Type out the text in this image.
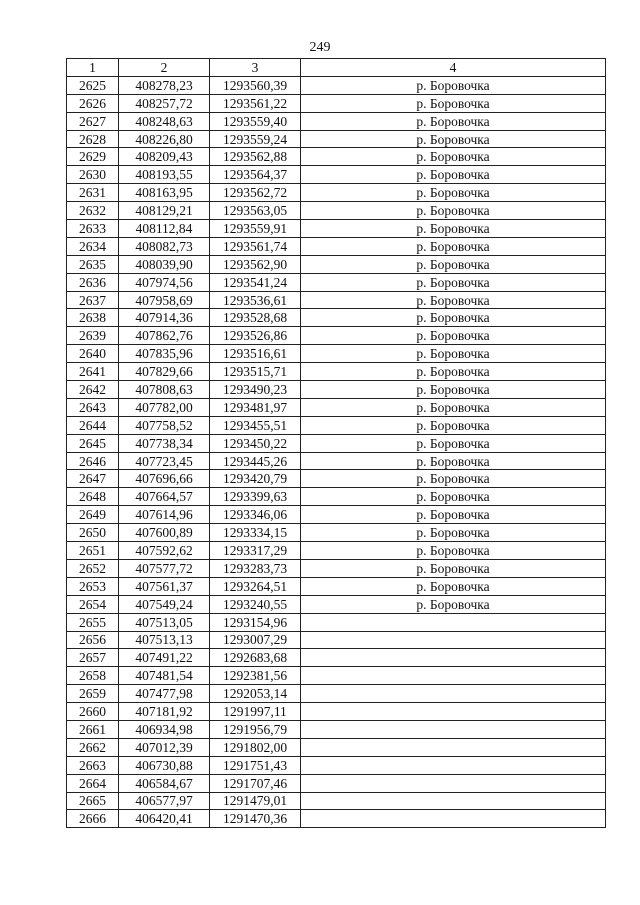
249
1	2	3	4
2625	408278,23	1293560,39	р. Боровочка
2626	408257,72	1293561,22	р. Боровочка
2627	408248,63	1293559,40	р. Боровочка
2628	408226,80	1293559,24	р. Боровочка
2629	408209,43	1293562,88	р. Боровочка
2630	408193,55	1293564,37	р. Боровочка
2631	408163,95	1293562,72	р. Боровочка
2632	408129,21	1293563,05	р. Боровочка
2633	408112,84	1293559,91	р. Боровочка
2634	408082,73	1293561,74	р. Боровочка
2635	408039,90	1293562,90	р. Боровочка
2636	407974,56	1293541,24	р. Боровочка
2637	407958,69	1293536,61	р. Боровочка
2638	407914,36	1293528,68	р. Боровочка
2639	407862,76	1293526,86	р. Боровочка
2640	407835,96	1293516,61	р. Боровочка
2641	407829,66	1293515,71	р. Боровочка
2642	407808,63	1293490,23	р. Боровочка
2643	407782,00	1293481,97	р. Боровочка
2644	407758,52	1293455,51	р. Боровочка
2645	407738,34	1293450,22	р. Боровочка
2646	407723,45	1293445,26	р. Боровочка
2647	407696,66	1293420,79	р. Боровочка
2648	407664,57	1293399,63	р. Боровочка
2649	407614,96	1293346,06	р. Боровочка
2650	407600,89	1293334,15	р. Боровочка
2651	407592,62	1293317,29	р. Боровочка
2652	407577,72	1293283,73	р. Боровочка
2653	407561,37	1293264,51	р. Боровочка
2654	407549,24	1293240,55	р. Боровочка
2655	407513,05	1293154,96	
2656	407513,13	1293007,29	
2657	407491,22	1292683,68	
2658	407481,54	1292381,56	
2659	407477,98	1292053,14	
2660	407181,92	1291997,11	
2661	406934,98	1291956,79	
2662	407012,39	1291802,00	
2663	406730,88	1291751,43	
2664	406584,67	1291707,46	
2665	406577,97	1291479,01	
2666	406420,41	1291470,36	
